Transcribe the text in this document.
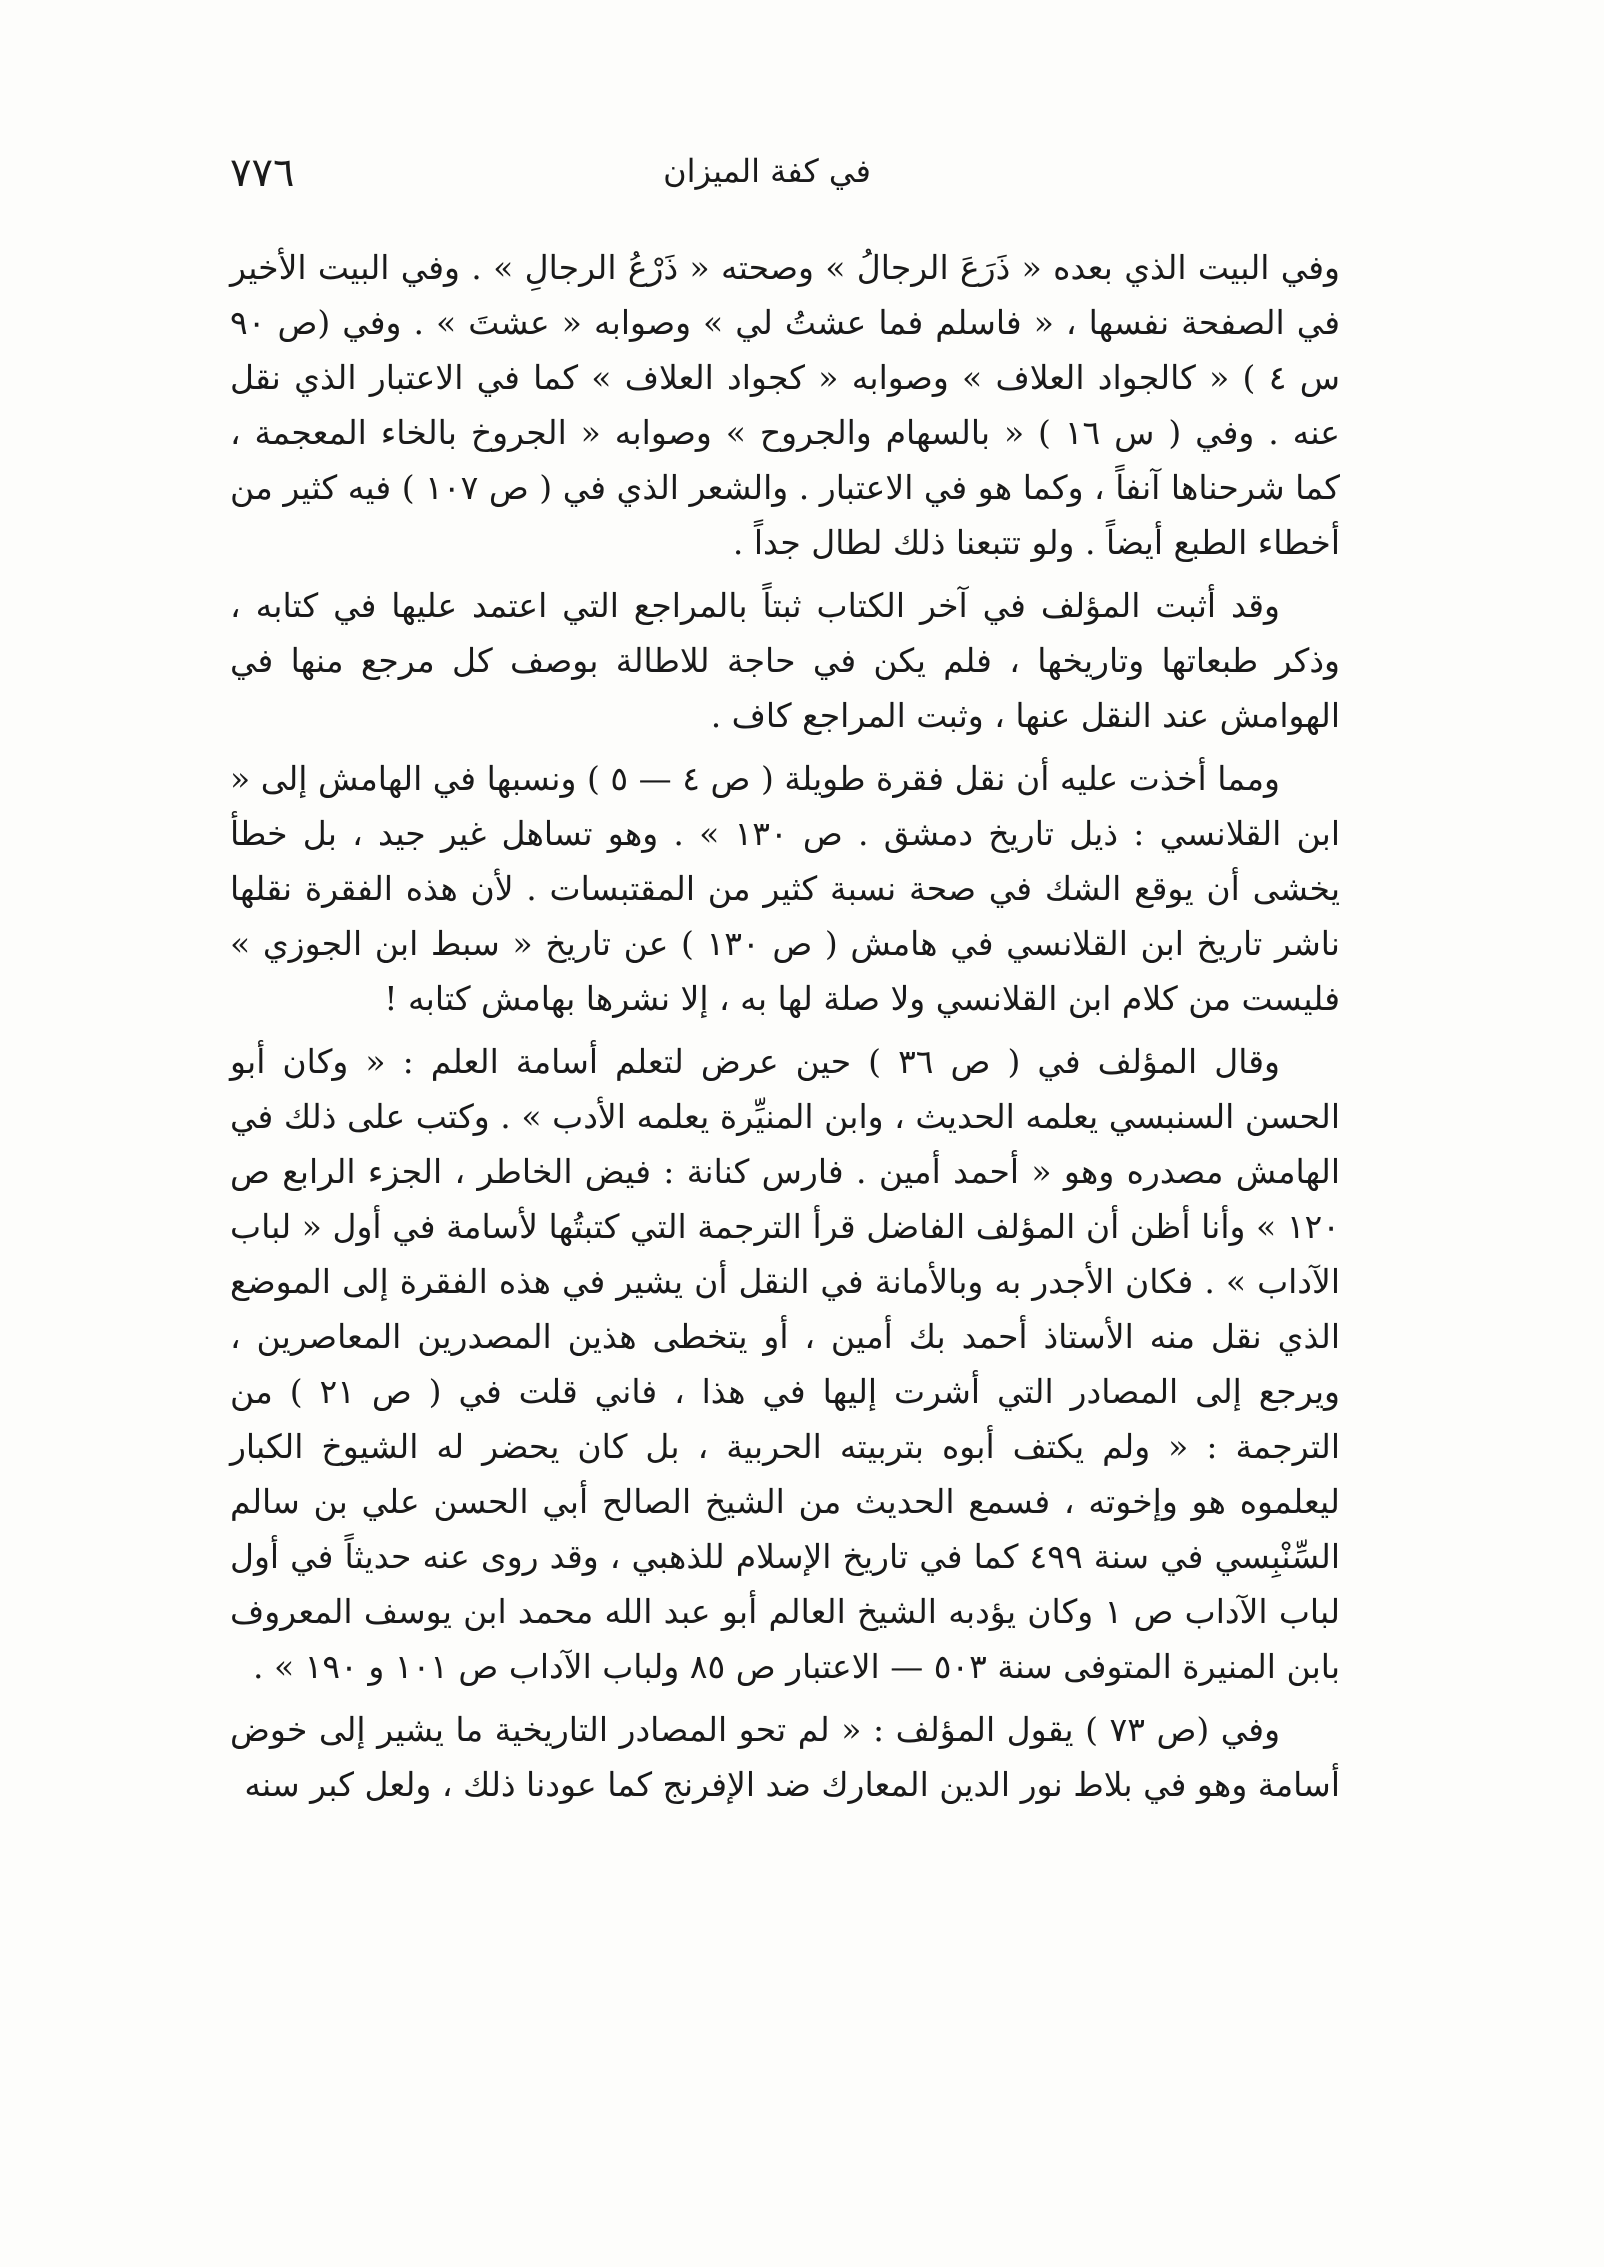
٧٧٦	في كفة الميزان

وفي البيت الذي بعده « ذَرَعَ الرجالُ » وصحته « ذَرْعُ الرجالِ » . وفي البيت الأخير في الصفحة نفسها ، « فاسلم فما عشتُ لي » وصوابه « عشتَ » . وفي (ص ٩٠ س ٤ ) « كالجواد العلاف » وصوابه « كجواد العلاف » كما في الاعتبار الذي نقل عنه . وفي ( س ١٦ ) « بالسهام والجروح » وصوابه « الجروخ بالخاء المعجمة ، كما شرحناها آنفاً ، وكما هو في الاعتبار . والشعر الذي في ( ص ١٠٧ ) فيه كثير من أخطاء الطبع أيضاً . ولو تتبعنا ذلك لطال جداً .

وقد أثبت المؤلف في آخر الكتاب ثبتاً بالمراجع التي اعتمد عليها في كتابه ، وذكر طبعاتها وتاريخها ، فلم يكن في حاجة للاطالة بوصف كل مرجع منها في الهوامش عند النقل عنها ، وثبت المراجع كاف .

ومما أخذت عليه أن نقل فقرة طويلة ( ص ٤ — ٥ ) ونسبها في الهامش إلى « ابن القلانسي : ذيل تاريخ دمشق . ص ١٣٠ » . وهو تساهل غير جيد ، بل خطأ يخشى أن يوقع الشك في صحة نسبة كثير من المقتبسات . لأن هذه الفقرة نقلها ناشر تاريخ ابن القلانسي في هامش ( ص ١٣٠ ) عن تاريخ « سبط ابن الجوزي » فليست من كلام ابن القلانسي ولا صلة لها به ، إلا نشرها بهامش كتابه !

وقال المؤلف في ( ص ٣٦ ) حين عرض لتعلم أسامة العلم : « وكان أبو الحسن السنبسي يعلمه الحديث ، وابن المنيِّرة يعلمه الأدب » . وكتب على ذلك في الهامش مصدره وهو « أحمد أمين . فارس كنانة : فيض الخاطر ، الجزء الرابع ص ١٢٠ » وأنا أظن أن المؤلف الفاضل قرأ الترجمة التي كتبتُها لأسامة في أول « لباب الآداب » . فكان الأجدر به وبالأمانة في النقل أن يشير في هذه الفقرة إلى الموضع الذي نقل منه الأستاذ أحمد بك أمين ، أو يتخطى هذين المصدرين المعاصرين ، ويرجع إلى المصادر التي أشرت إليها في هذا ، فاني قلت في ( ص ٢١ ) من الترجمة : « ولم يكتف أبوه بتربيته الحربية ، بل كان يحضر له الشيوخ الكبار ليعلموه هو وإخوته ، فسمع الحديث من الشيخ الصالح أبي الحسن علي بن سالم السِّنْبِسي في سنة ٤٩٩ كما في تاريخ الإسلام للذهبي ، وقد روى عنه حديثاً في أول لباب الآداب ص ١ وكان يؤدبه الشيخ العالم أبو عبد الله محمد ابن يوسف المعروف بابن المنيرة المتوفى سنة ٥٠٣ — الاعتبار ص ٨٥ ولباب الآداب ص ١٠١ و ١٩٠ » .

وفي (ص ٧٣ ) يقول المؤلف : « لم تحو المصادر التاريخية ما يشير إلى خوض أسامة وهو في بلاط نور الدين المعارك ضد الإفرنج كما عودنا ذلك ، ولعل كبر سنه
